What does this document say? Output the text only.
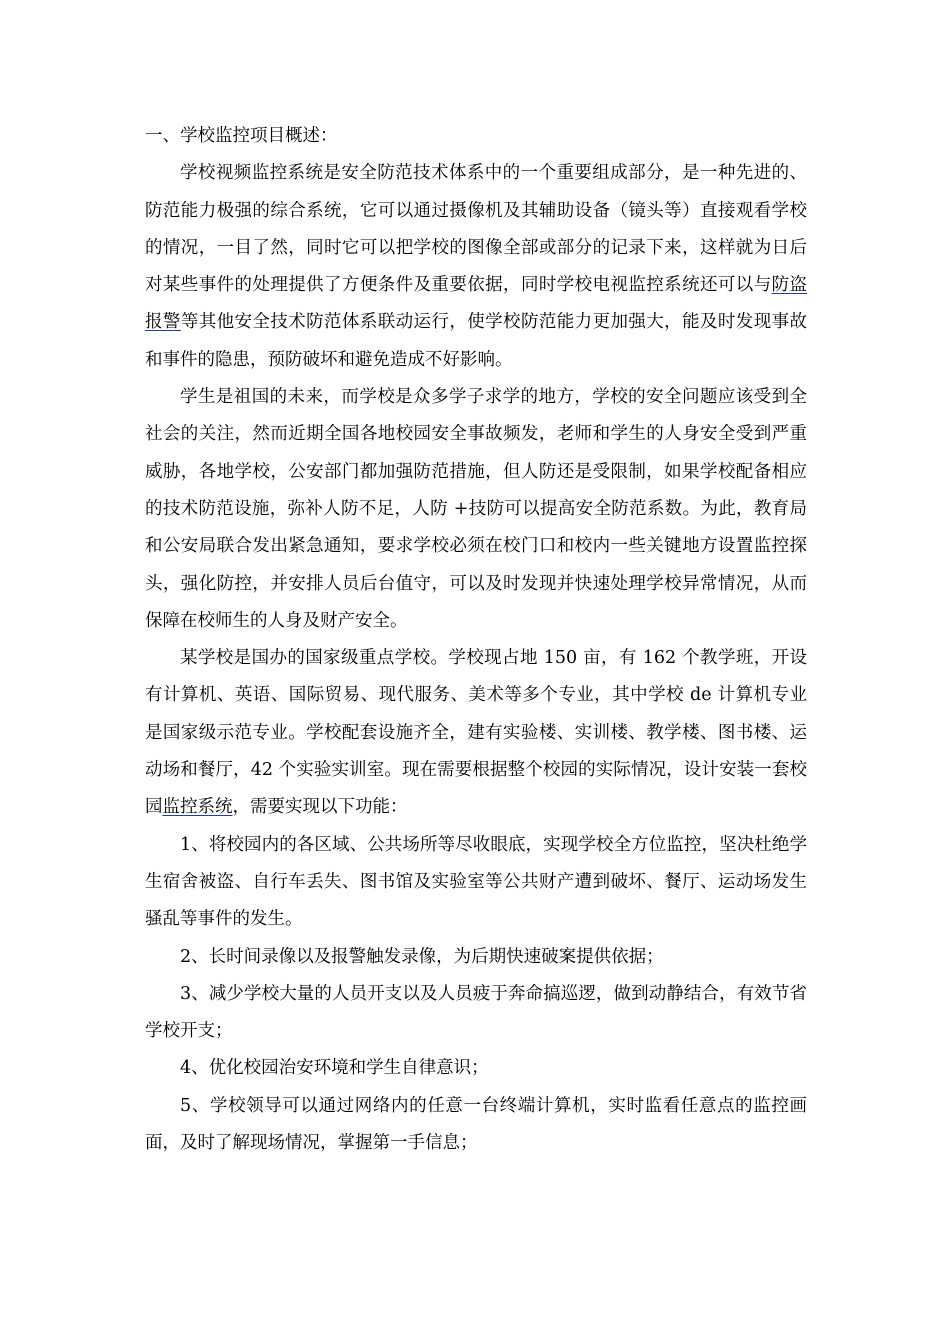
一、学校监控项目概述：

学校视频监控系统是安全防范技术体系中的一个重要组成部分，是一种先进的、防范能力极强的综合系统，它可以通过摄像机及其辅助设备（镜头等）直接观看学校的情况，一目了然，同时它可以把学校的图像全部或部分的记录下来，这样就为日后对某些事件的处理提供了方便条件及重要依据，同时学校电视监控系统还可以与防盗报警等其他安全技术防范体系联动运行，使学校防范能力更加强大，能及时发现事故和事件的隐患，预防破坏和避免造成不好影响。

学生是祖国的未来，而学校是众多学子求学的地方，学校的安全问题应该受到全社会的关注，然而近期全国各地校园安全事故频发，老师和学生的人身安全受到严重威胁，各地学校，公安部门都加强防范措施，但人防还是受限制，如果学校配备相应的技术防范设施，弥补人防不足，人防 +技防可以提高安全防范系数。为此，教育局和公安局联合发出紧急通知，要求学校必须在校门口和校内一些关键地方设置监控探头，强化防控，并安排人员后台值守，可以及时发现并快速处理学校异常情况，从而保障在校师生的人身及财产安全。

某学校是国办的国家级重点学校。学校现占地 150 亩，有 162 个教学班，开设有计算机、英语、国际贸易、现代服务、美术等多个专业，其中学校 de 计算机专业是国家级示范专业。学校配套设施齐全，建有实验楼、实训楼、教学楼、图书楼、运动场和餐厅，42 个实验实训室。现在需要根据整个校园的实际情况，设计安装一套校园监控系统，需要实现以下功能：

1、将校园内的各区域、公共场所等尽收眼底，实现学校全方位监控，坚决杜绝学生宿舍被盗、自行车丢失、图书馆及实验室等公共财产遭到破坏、餐厅、运动场发生骚乱等事件的发生。

2、长时间录像以及报警触发录像，为后期快速破案提供依据；

3、减少学校大量的人员开支以及人员疲于奔命搞巡逻，做到动静结合，有效节省学校开支；

4、优化校园治安环境和学生自律意识；

5、学校领导可以通过网络内的任意一台终端计算机，实时监看任意点的监控画面，及时了解现场情况，掌握第一手信息；
